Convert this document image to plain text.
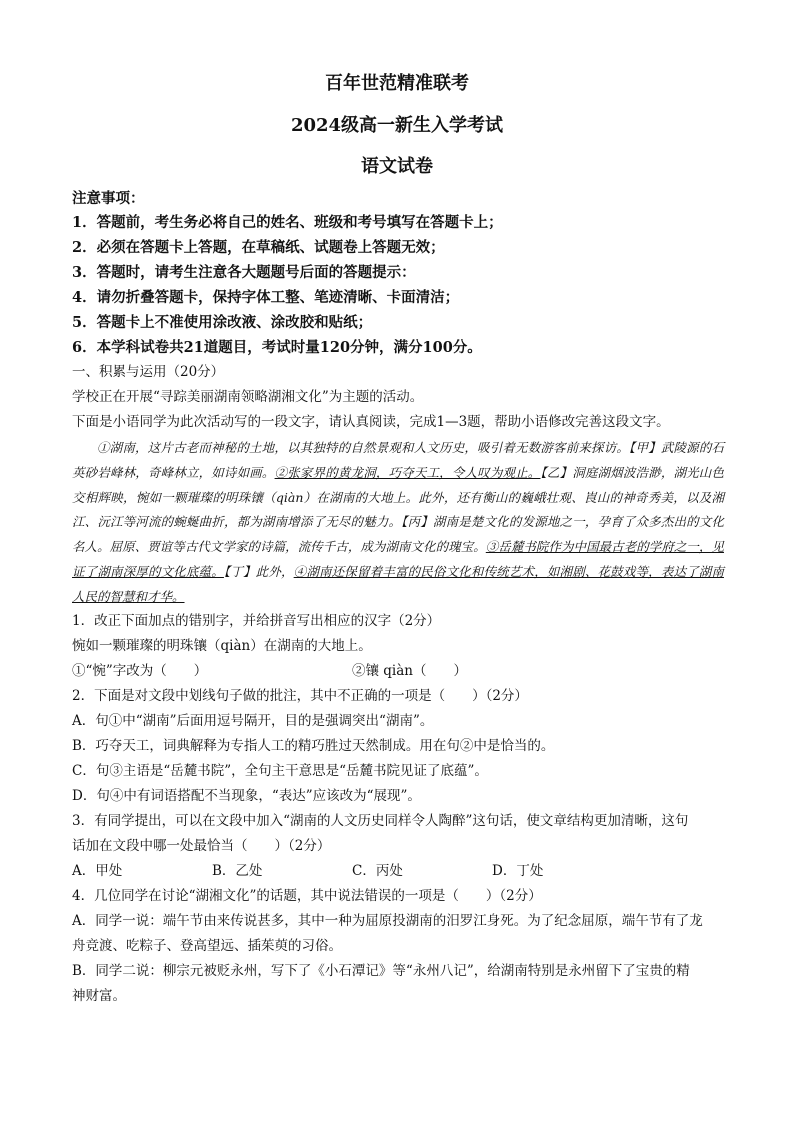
百年世范精准联考
2024级高一新生入学考试
语文试卷
注意事项：
1．答题前，考生务必将自己的姓名、班级和考号填写在答题卡上；
2．必须在答题卡上答题，在草稿纸、试题卷上答题无效；
3．答题时，请考生注意各大题题号后面的答题提示：
4．请勿折叠答题卡，保持字体工整、笔迹清晰、卡面清洁；
5．答题卡上不准使用涂改液、涂改胶和贴纸；
6．本学科试卷共21道题目，考试时量120分钟，满分100分。
一、积累与运用（20分）
学校正在开展“寻踪美丽湖南领略湖湘文化”为主题的活动。
下面是小语同学为此次活动写的一段文字，请认真阅读，完成1—3题，帮助小语修改完善这段文字。
①湖南，这片古老而神秘的土地，以其独特的自然景观和人文历史，吸引着无数游客前来探访。【甲】武陵源的石英砂岩峰林，奇峰林立，如诗如画。②张家界的黄龙洞，巧夺天工，令人叹为观止。【乙】洞庭湖烟波浩渺，湖光山色交相辉映，惋如一颗璀璨的明珠镶（qiàn）在湖南的大地上。此外，还有衡山的巍峨壮观、崀山的神奇秀美，以及湘江、沅江等河流的蜿蜒曲折，都为湖南增添了无尽的魅力。【丙】湖南是楚文化的发源地之一，孕育了众多杰出的文化名人。屈原、贾谊等古代文学家的诗篇，流传千古，成为湖南文化的瑰宝。③岳麓书院作为中国最古老的学府之一，见证了湖南深厚的文化底蕴。【丁】此外，④湖南还保留着丰富的民俗文化和传统艺术，如湘剧、花鼓戏等，表达了湖南人民的智慧和才华。
1．改正下面加点的错别字，并给拼音写出相应的汉字（2分）
惋如一颗璀璨的明珠镶（qiàn）在湖南的大地上。
①“惋”字改为（　　）	②镶 qiàn（　　）
2．下面是对文段中划线句子做的批注，其中不正确的一项是（　　）（2分）
A．句①中“湖南”后面用逗号隔开，目的是强调突出“湖南”。
B．巧夺天工，词典解释为专指人工的精巧胜过天然制成。用在句②中是恰当的。
C．句③主语是“岳麓书院”，全句主干意思是“岳麓书院见证了底蕴”。
D．句④中有词语搭配不当现象，“表达”应该改为“展现”。
3．有同学提出，可以在文段中加入“湖南的人文历史同样令人陶醉”这句话，使文章结构更加清晰，这句
话加在文段中哪一处最恰当（　　）（2分）
A．甲处	B．乙处	C．丙处	D．丁处
4．几位同学在讨论“湖湘文化”的话题，其中说法错误的一项是（　　）（2分）
A．同学一说：端午节由来传说甚多，其中一种为屈原投湖南的汨罗江身死。为了纪念屈原，端午节有了龙
舟竞渡、吃粽子、登高望远、插茱萸的习俗。
B．同学二说：柳宗元被贬永州，写下了《小石潭记》等“永州八记”，给湖南特别是永州留下了宝贵的精
神财富。
